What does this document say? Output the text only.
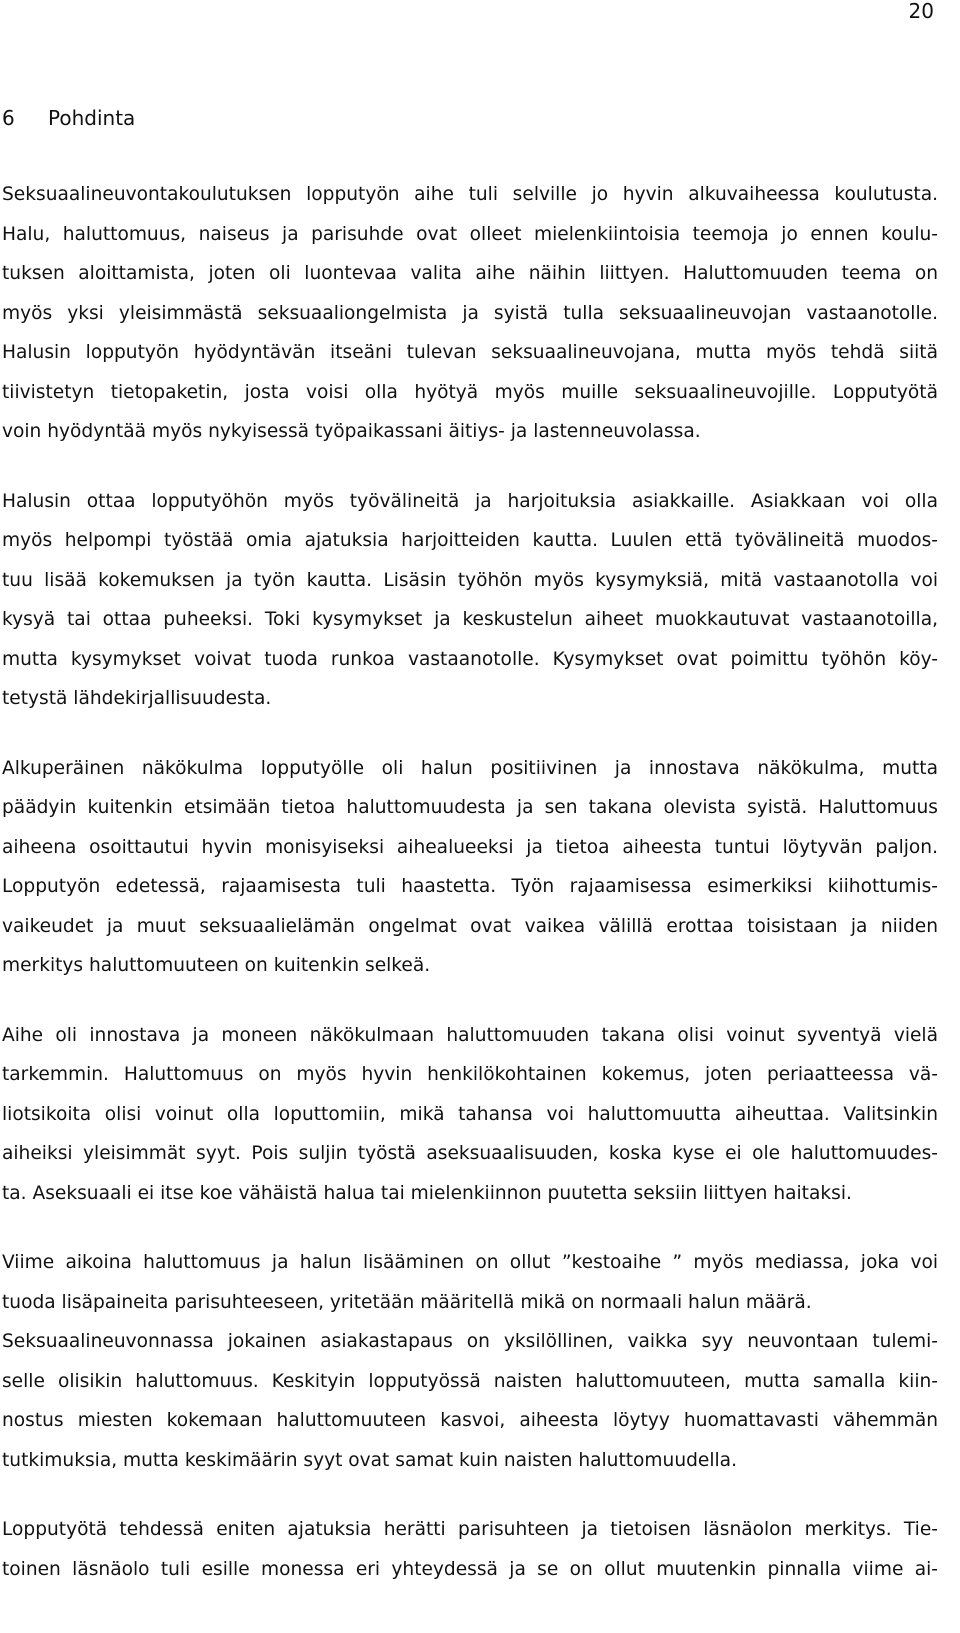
20
6	Pohdinta
Seksuaalineuvontakoulutuksen lopputyön aihe tuli selville jo hyvin alkuvaiheessa koulutusta.
Halu, haluttomuus, naiseus ja parisuhde ovat olleet mielenkiintoisia teemoja jo ennen koulu-
tuksen aloittamista, joten oli luontevaa valita aihe näihin liittyen. Haluttomuuden teema on
myös yksi yleisimmästä seksuaaliongelmista ja syistä tulla seksuaalineuvojan vastaanotolle.
Halusin lopputyön hyödyntävän itseäni tulevan seksuaalineuvojana, mutta myös tehdä siitä
tiivistetyn tietopaketin, josta voisi olla hyötyä myös muille seksuaalineuvojille. Lopputyötä
voin hyödyntää myös nykyisessä työpaikassani äitiys- ja lastenneuvolassa.
Halusin ottaa lopputyöhön myös työvälineitä ja harjoituksia asiakkaille. Asiakkaan voi olla
myös helpompi työstää omia ajatuksia harjoitteiden kautta. Luulen että työvälineitä muodos-
tuu lisää kokemuksen ja työn kautta. Lisäsin työhön myös kysymyksiä, mitä vastaanotolla voi
kysyä tai ottaa puheeksi. Toki kysymykset ja keskustelun aiheet muokkautuvat vastaanotoilla,
mutta kysymykset voivat tuoda runkoa vastaanotolle. Kysymykset ovat poimittu työhön köy-
tetystä lähdekirjallisuudesta.
Alkuperäinen näkökulma lopputyölle oli halun positiivinen ja innostava näkökulma, mutta
päädyin kuitenkin etsimään tietoa haluttomuudesta ja sen takana olevista syistä. Haluttomuus
aiheena osoittautui hyvin monisyiseksi aihealueeksi ja tietoa aiheesta tuntui löytyvän paljon.
Lopputyön edetessä, rajaamisesta tuli haastetta. Työn rajaamisessa esimerkiksi kiihottumis-
vaikeudet ja muut seksuaalielämän ongelmat ovat vaikea välillä erottaa toisistaan ja niiden
merkitys haluttomuuteen on kuitenkin selkeä.
Aihe oli innostava ja moneen näkökulmaan haluttomuuden takana olisi voinut syventyä vielä
tarkemmin. Haluttomuus on myös hyvin henkilökohtainen kokemus, joten periaatteessa vä-
liotsikoita olisi voinut olla loputtomiin, mikä tahansa voi haluttomuutta aiheuttaa. Valitsinkin
aiheiksi yleisimmät syyt. Pois suljin työstä aseksuaalisuuden, koska kyse ei ole haluttomuudes-
ta. Aseksuaali ei itse koe vähäistä halua tai mielenkiinnon puutetta seksiin liittyen haitaksi.
Viime aikoina haluttomuus ja halun lisääminen on ollut ”kestoaihe ” myös mediassa, joka voi
tuoda lisäpaineita parisuhteeseen, yritetään määritellä mikä on normaali halun määrä.
Seksuaalineuvonnassa jokainen asiakastapaus on yksilöllinen, vaikka syy neuvontaan tulemi-
selle olisikin haluttomuus. Keskityin lopputyössä naisten haluttomuuteen, mutta samalla kiin-
nostus miesten kokemaan haluttomuuteen kasvoi, aiheesta löytyy huomattavasti vähemmän
tutkimuksia, mutta keskimäärin syyt ovat samat kuin naisten haluttomuudella.
Lopputyötä tehdessä eniten ajatuksia herätti parisuhteen ja tietoisen läsnäolon merkitys. Tie-
toinen läsnäolo tuli esille monessa eri yhteydessä ja se on ollut muutenkin pinnalla viime ai-
